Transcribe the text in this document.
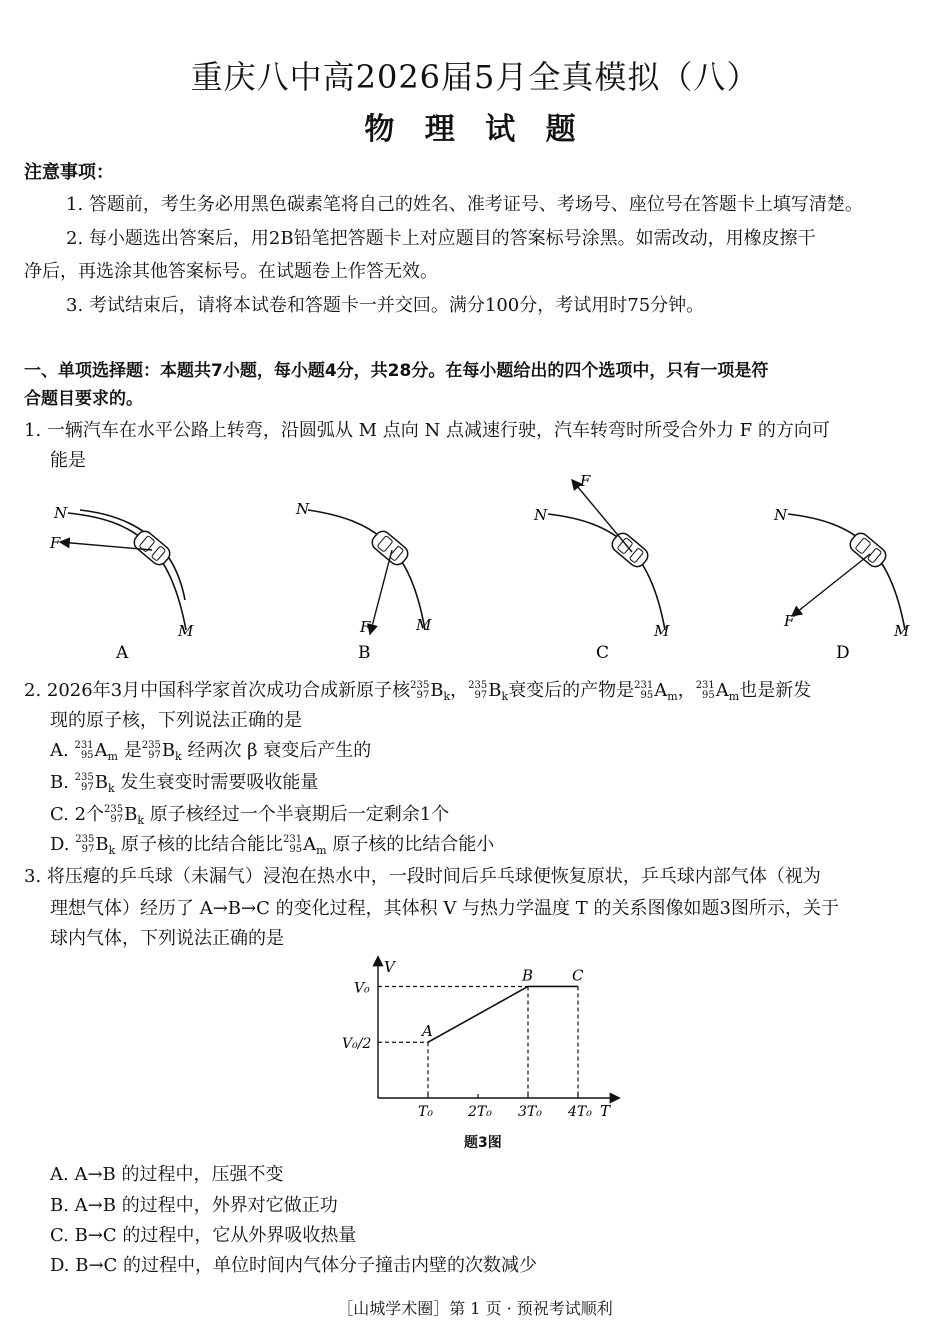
重庆八中高2026届5月全真模拟（八）
物 理 试 题
注意事项：
1. 答题前，考生务必用黑色碳素笔将自己的姓名、准考证号、考场号、座位号在答题卡上填写清楚。
2. 每小题选出答案后，用2B铅笔把答题卡上对应题目的答案标号涂黑。如需改动，用橡皮擦干
净后，再选涂其他答案标号。在试题卷上作答无效。
3. 考试结束后，请将本试卷和答题卡一并交回。满分100分，考试用时75分钟。
一、单项选择题：本题共7小题，每小题4分，共28分。在每小题给出的四个选项中，只有一项是符
合题目要求的。
1. 一辆汽车在水平公路上转弯，沿圆弧从 M 点向 N 点减速行驶，汽车转弯时所受合外力 F 的方向可
能是
N
F
M
A
N
F	M
B
N
F
M
C
N
F
M
D
2. 2026年3月中国科学家首次成功合成新原子核 235
97 $B_k$， 235
97 $B_k$衰变后的产物是 231
95 $A_m$， 231
95 $A_m$也是新发
现的原子核，下列说法正确的是
A. 231
95 $A_m$ 是 235
97 $B_k$ 经两次 β 衰变后产生的
B. 235
97 $B_k$ 发生衰变时需要吸收能量
C. 2个 235
97 $B_k$ 原子核经过一个半衰期后一定剩余1个
D. 235
97 $B_k$ 原子核的比结合能比 231
95 $A_m$ 原子核的比结合能小
3. 将压瘪的乒乓球（未漏气）浸泡在热水中，一段时间后乒乓球便恢复原状，乒乓球内部气体（视为
理想气体）经历了 A→B→C 的变化过程，其体积 V 与热力学温度 T 的关系图像如题3图所示，关于
球内气体，下列说法正确的是
V
T
A
B	C
T₀	2T₀ 3T₀ 4T₀
V₀/2
V₀
题3图
A. A→B 的过程中，压强不变
B. A→B 的过程中，外界对它做正功
C. B→C 的过程中，它从外界吸收热量
D. B→C 的过程中，单位时间内气体分子撞击内壁的次数减少
［山城学术圈］第 1 页 · 预祝考试顺利
